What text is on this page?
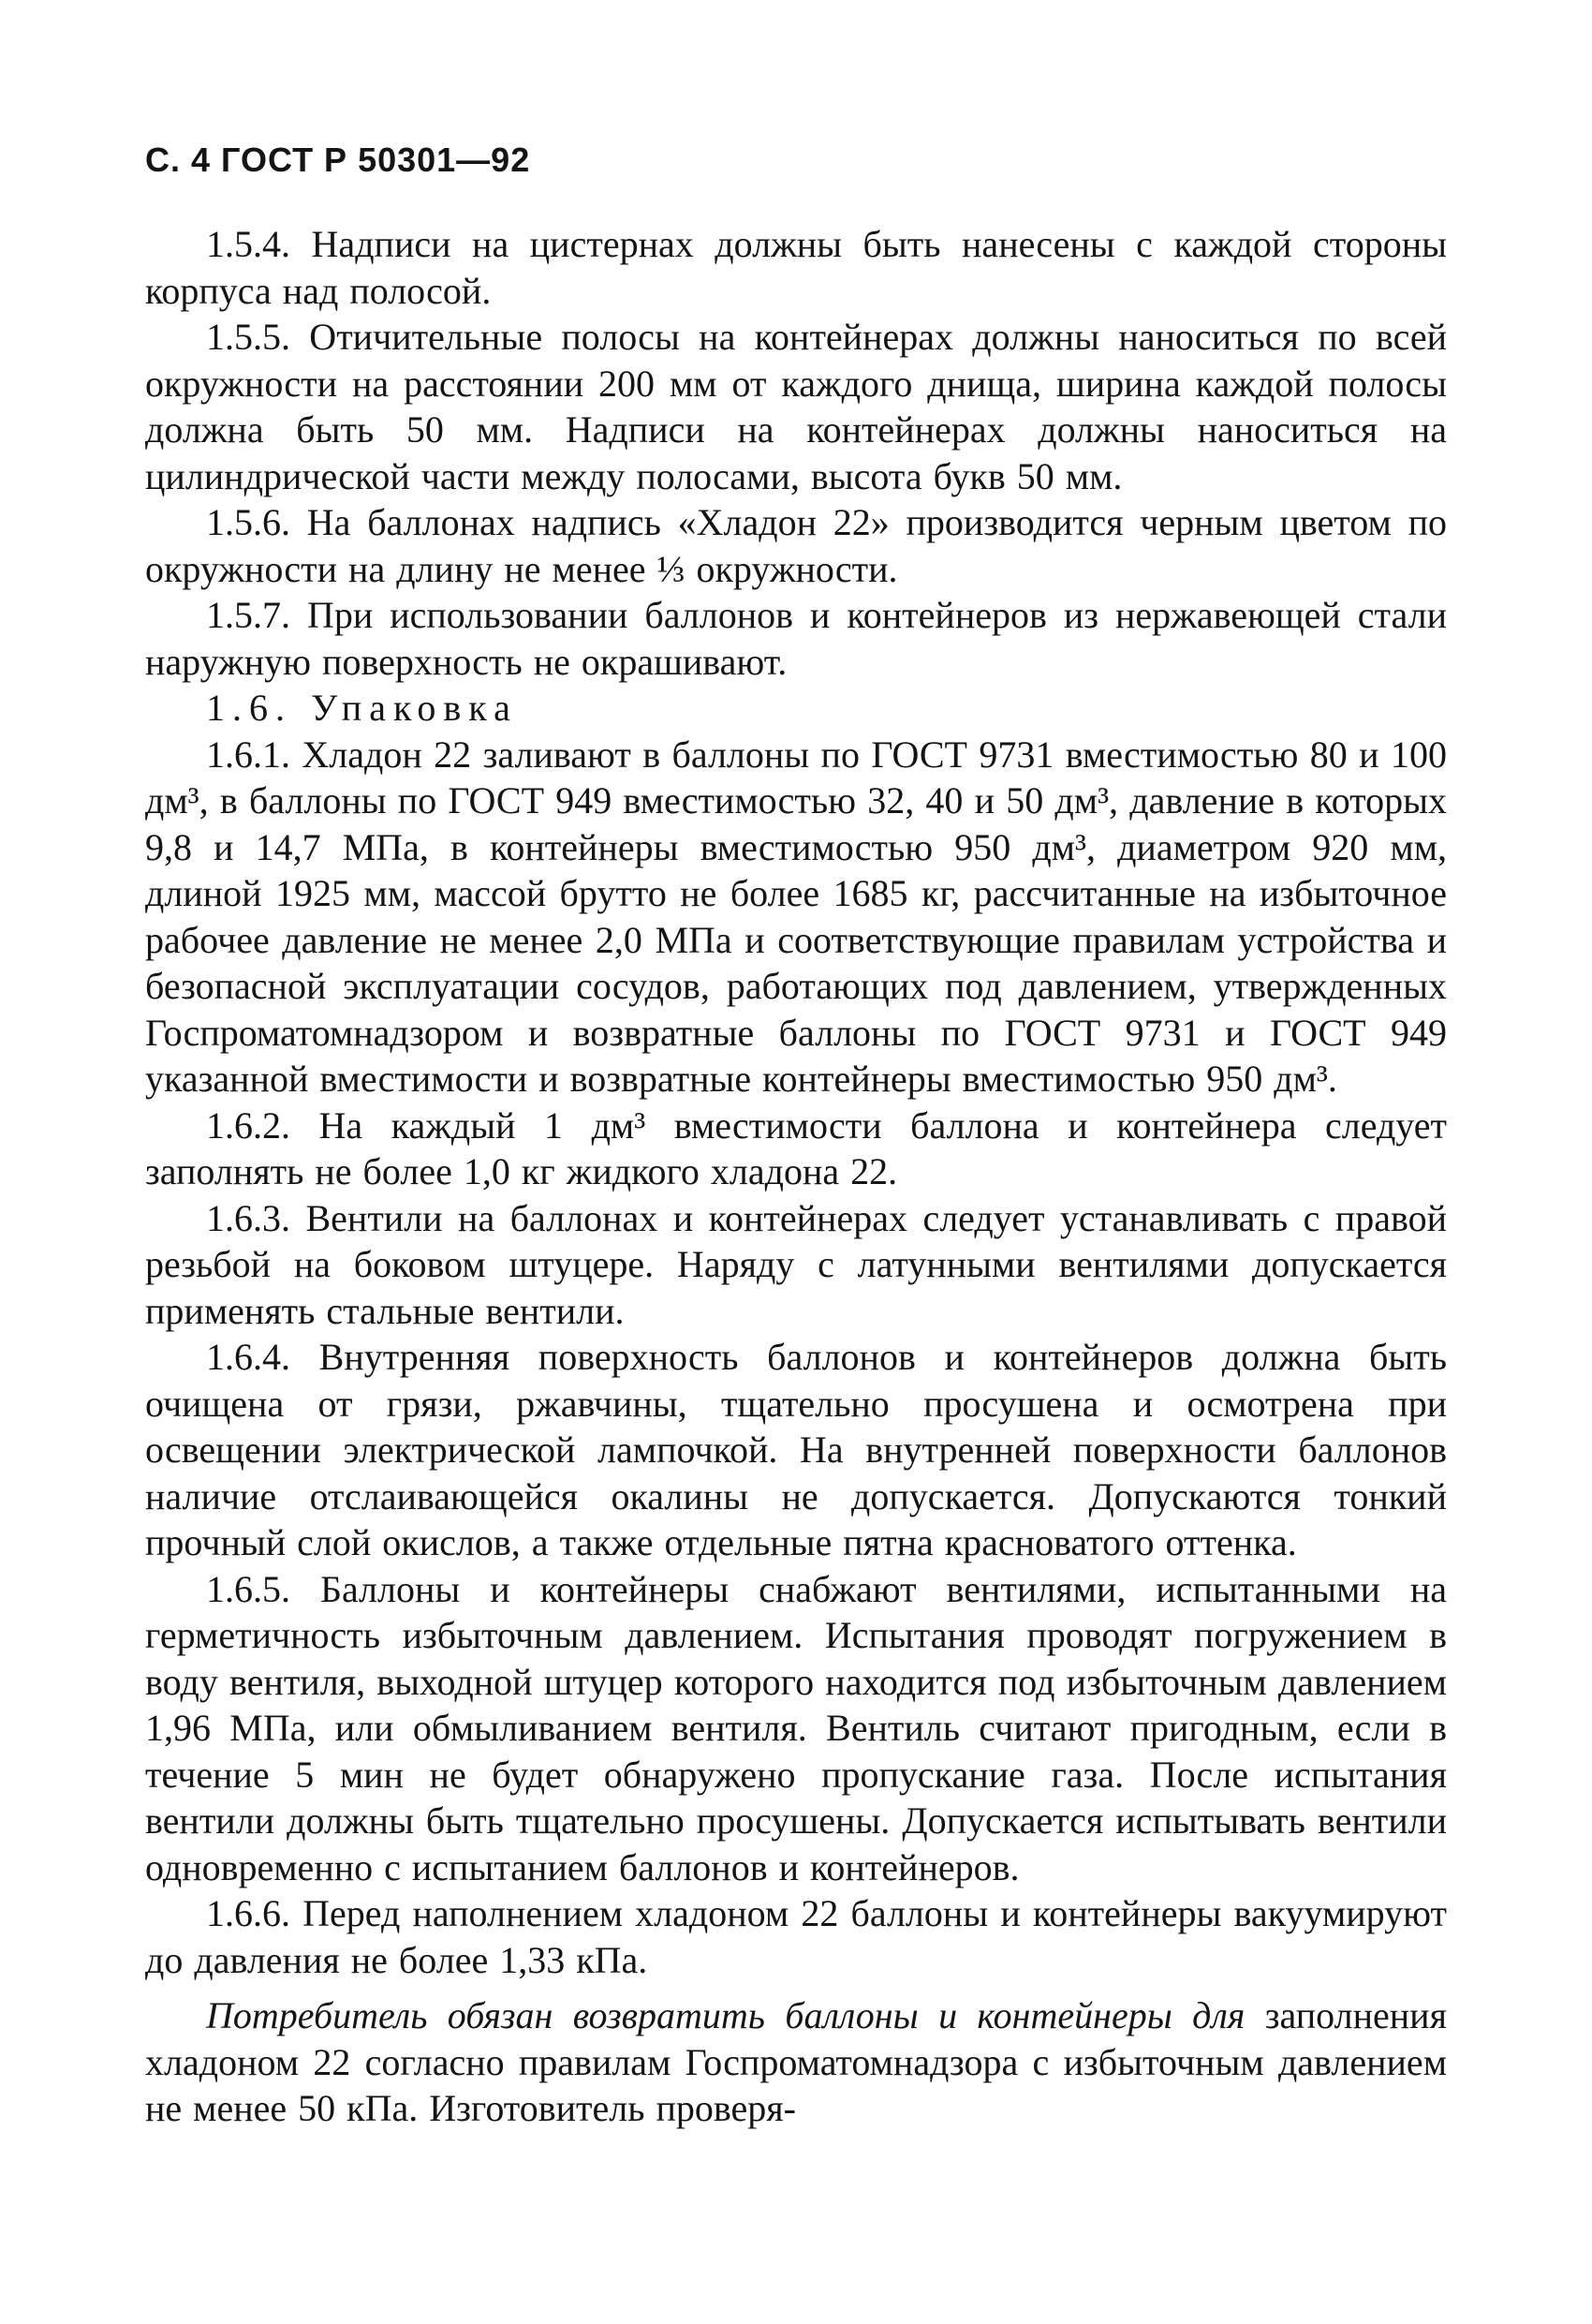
С. 4 ГОСТ Р 50301—92

1.5.4. Надписи на цистернах должны быть нанесены с каждой стороны корпуса над полосой.

1.5.5. Отичительные полосы на контейнерах должны наноситься по всей окружности на расстоянии 200 мм от каждого днища, ширина каждой полосы должна быть 50 мм. Надписи на контейнерах должны наноситься на цилиндрической части между полосами, высота букв 50 мм.

1.5.6. На баллонах надпись «Хладон 22» производится черным цветом по окружности на длину не менее ⅓ окружности.

1.5.7. При использовании баллонов и контейнеров из нержавеющей стали наружную поверхность не окрашивают.

1.6. Упаковка

1.6.1. Хладон 22 заливают в баллоны по ГОСТ 9731 вместимостью 80 и 100 дм³, в баллоны по ГОСТ 949 вместимостью 32, 40 и 50 дм³, давление в которых 9,8 и 14,7 МПа, в контейнеры вместимостью 950 дм³, диаметром 920 мм, длиной 1925 мм, массой брутто не более 1685 кг, рассчитанные на избыточное рабочее давление не менее 2,0 МПа и соответствующие правилам устройства и безопасной эксплуатации сосудов, работающих под давлением, утвержденных Госпроматомнадзором и возвратные баллоны по ГОСТ 9731 и ГОСТ 949 указанной вместимости и возвратные контейнеры вместимостью 950 дм³.

1.6.2. На каждый 1 дм³ вместимости баллона и контейнера следует заполнять не более 1,0 кг жидкого хладона 22.

1.6.3. Вентили на баллонах и контейнерах следует устанавливать с правой резьбой на боковом штуцере. Наряду с латунными вентилями допускается применять стальные вентили.

1.6.4. Внутренняя поверхность баллонов и контейнеров должна быть очищена от грязи, ржавчины, тщательно просушена и осмотрена при освещении электрической лампочкой. На внутренней поверхности баллонов наличие отслаивающейся окалины не допускается. Допускаются тонкий прочный слой окислов, а также отдельные пятна красноватого оттенка.

1.6.5. Баллоны и контейнеры снабжают вентилями, испытанными на герметичность избыточным давлением. Испытания проводят погружением в воду вентиля, выходной штуцер которого находится под избыточным давлением 1,96 МПа, или обмыливанием вентиля. Вентиль считают пригодным, если в течение 5 мин не будет обнаружено пропускание газа. После испытания вентили должны быть тщательно просушены. Допускается испытывать вентили одновременно с испытанием баллонов и контейнеров.

1.6.6. Перед наполнением хладоном 22 баллоны и контейнеры вакуумируют до давления не более 1,33 кПа.

Потребитель обязан возвратить баллоны и контейнеры для заполнения хладоном 22 согласно правилам Госпроматомнадзора с избыточным давлением не менее 50 кПа. Изготовитель проверя-
